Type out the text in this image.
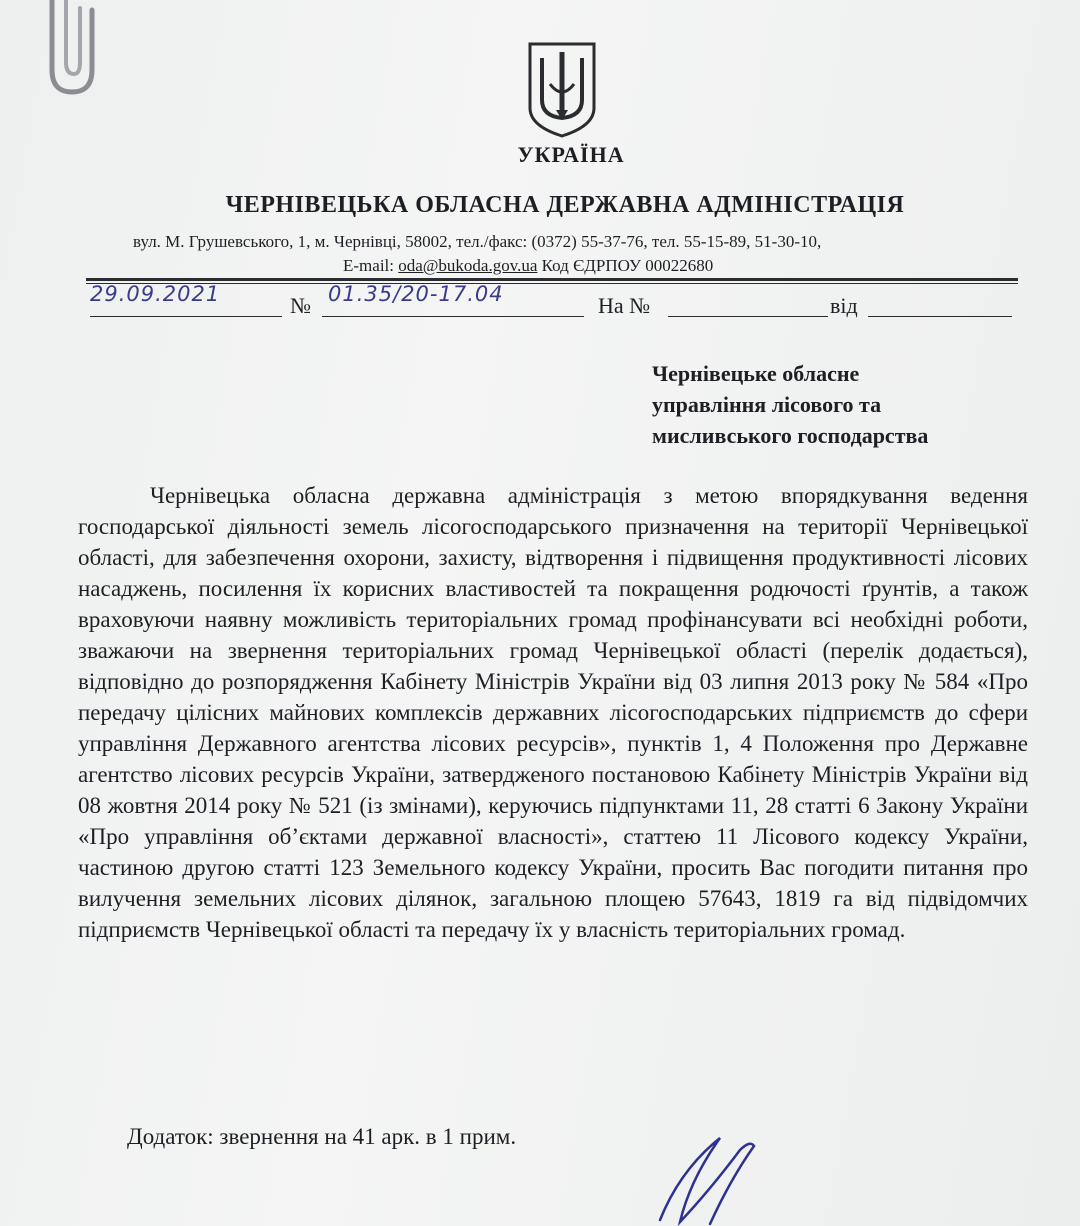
УКРАЇНА
ЧЕРНІВЕЦЬКА ОБЛАСНА ДЕРЖАВНА АДМІНІСТРАЦІЯ
вул. М. Грушевського, 1, м. Чернівці, 58002, тел./факс: (0372) 55-37-76, тел. 55-15-89, 51-30-10,
E-mail: oda@bukoda.gov.ua Код ЄДРПОУ 00022680
29.09.2021	№ 01.35/20-17.04	На №	від
Чернівецьке обласне
управління лісового та
мисливського господарства

Чернівецька обласна державна адміністрація з метою впорядкування ведення господарської діяльності земель лісогосподарського призначення на території Чернівецької області, для забезпечення охорони, захисту, відтворення і підвищення продуктивності лісових насаджень, посилення їх корисних властивостей та покращення родючості ґрунтів, а також враховуючи наявну можливість територіальних громад профінансувати всі необхідні роботи, зважаючи на звернення територіальних громад Чернівецької області (перелік додається), відповідно до розпорядження Кабінету Міністрів України від 03 липня 2013 року № 584 «Про передачу цілісних майнових комплексів державних лісогосподарських підприємств до сфери управління Державного агентства лісових ресурсів», пунктів 1, 4 Положення про Державне агентство лісових ресурсів України, затвердженого постановою Кабінету Міністрів України від 08 жовтня 2014 року № 521 (із змінами), керуючись підпунктами 11, 28 статті 6 Закону України «Про управління об’єктами державної власності», статтею 11 Лісового кодексу України, частиною другою статті 123 Земельного кодексу України, просить Вас погодити питання про вилучення земельних лісових ділянок, загальною площею 57643, 1819 га від підвідомчих підприємств Чернівецької області та передачу їх у власність територіальних громад.

Додаток: звернення на 41 арк. в 1 прим.
